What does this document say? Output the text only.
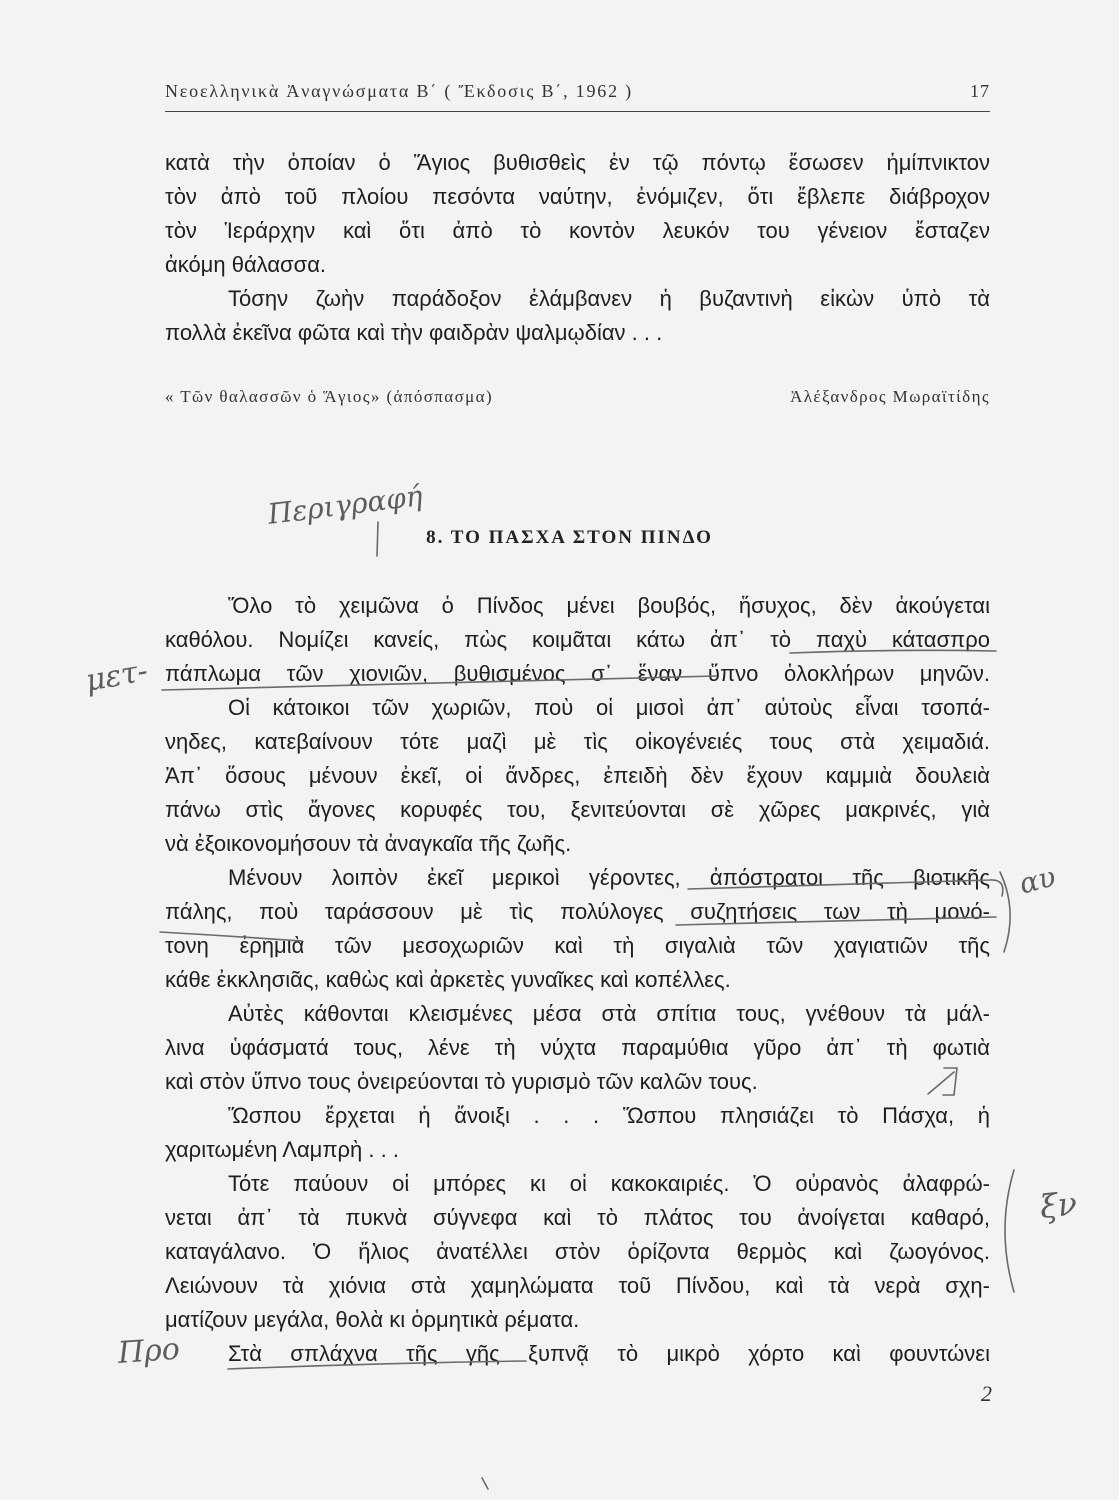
Νεοελληνικὰ Ἀναγνώσματα Β΄ ( Ἔκδοσις Β΄, 1962 )	17
κατὰ τὴν ὁποίαν ὁ Ἅγιος βυθισθεὶς ἐν τῷ πόντῳ ἔσωσεν ἡμίπνικτον
τὸν ἀπὸ τοῦ πλοίου πεσόντα ναύτην, ἐνόμιζεν, ὅτι ἔβλεπε διάβροχον
τὸν Ἱεράρχην καὶ ὅτι ἀπὸ τὸ κοντὸν λευκόν του γένειον ἔσταζεν
ἀκόμη θάλασσα.
Τόσην ζωὴν παράδοξον ἐλάμβανεν ἡ βυζαντινὴ εἰκὼν ὑπὸ τὰ
πολλὰ ἐκεῖνα φῶτα καὶ τὴν φαιδρὰν ψαλμῳδίαν . . .
« Τῶν θαλασσῶν ὁ Ἅγιος» (ἀπόσπασμα)	Ἀλέξανδρος Μωραϊτίδης
8. ΤΟ ΠΑΣΧΑ ΣΤΟΝ ΠΙΝΔΟ
Ὅλο τὸ χειμῶνα ὁ Πίνδος μένει βουβός, ἥσυχος, δὲν ἀκούγεται
καθόλου. Νομίζει κανείς, πὼς κοιμᾶται κάτω ἀπ᾽ τὸ παχὺ κάτασπρο
πάπλωμα τῶν χιονιῶν, βυθισμένος σ᾽ ἕναν ὕπνο ὁλοκλήρων μηνῶν.
Οἱ κάτοικοι τῶν χωριῶν, ποὺ οἱ μισοὶ ἀπ᾽ αὐτοὺς εἶναι τσοπά-
νηδες, κατεβαίνουν τότε μαζὶ μὲ τὶς οἰκογένειές τους στὰ χειμαδιά.
Ἀπ᾽ ὅσους μένουν ἐκεῖ, οἱ ἄνδρες, ἐπειδὴ δὲν ἔχουν καμμιὰ δουλειὰ
πάνω στὶς ἄγονες κορυφές του, ξενιτεύονται σὲ χῶρες μακρινές, γιὰ
νὰ ἐξοικονομήσουν τὰ ἀναγκαῖα τῆς ζωῆς.
Μένουν λοιπὸν ἐκεῖ μερικοὶ γέροντες, ἀπόστρατοι τῆς βιοτικῆς
πάλης, ποὺ ταράσσουν μὲ τὶς πολύλογες συζητήσεις των τὴ μονό-
τονη ἐρημιὰ τῶν μεσοχωριῶν καὶ τὴ σιγαλιὰ τῶν χαγιατιῶν τῆς
κάθε ἐκκλησιᾶς, καθὼς καὶ ἀρκετὲς γυναῖκες καὶ κοπέλλες.
Αὐτὲς κάθονται κλεισμένες μέσα στὰ σπίτια τους, γνέθουν τὰ μάλ-
λινα ὑφάσματά τους, λένε τὴ νύχτα παραμύθια γῦρο ἀπ᾽ τὴ φωτιὰ
καὶ στὸν ὕπνο τους ὀνειρεύονται τὸ γυρισμὸ τῶν καλῶν τους.
Ὥσπου ἔρχεται ἡ ἄνοιξι . . . Ὥσπου πλησιάζει τὸ Πάσχα, ἡ
χαριτωμένη Λαμπρὴ . . .
Τότε παύουν οἱ μπόρες κι οἱ κακοκαιριές. Ὁ οὐρανὸς ἀλαφρώ-
νεται ἀπ᾽ τὰ πυκνὰ σύγνεφα καὶ τὸ πλάτος του ἀνοίγεται καθαρό,
καταγάλανο. Ὁ ἥλιος ἀνατέλλει στὸν ὁρίζοντα θερμὸς καὶ ζωογόνος.
Λειώνουν τὰ χιόνια στὰ χαμηλώματα τοῦ Πίνδου, καὶ τὰ νερὰ σχη-
ματίζουν μεγάλα, θολὰ κι ὁρμητικὰ ρέματα.
Στὰ σπλάχνα τῆς γῆς ξυπνᾷ τὸ μικρὸ χόρτο καὶ φουντώνει
2
Περιγραφή
μετ-
αυ
ξν
Προ
